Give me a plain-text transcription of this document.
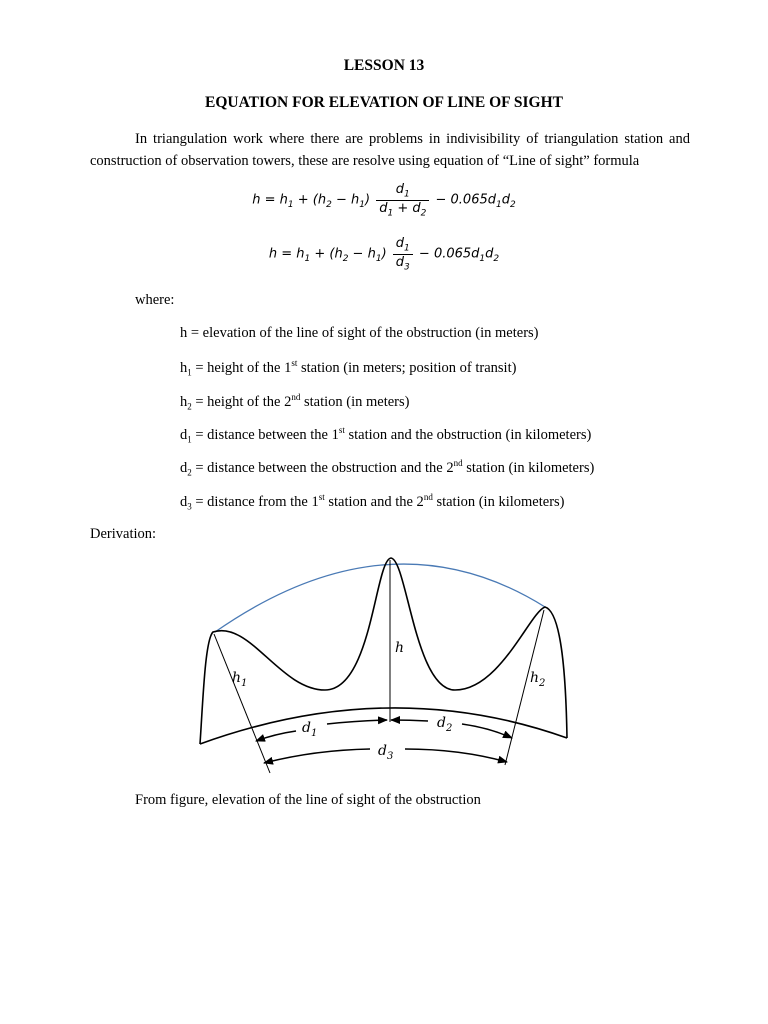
LESSON 13
EQUATION FOR ELEVATION OF LINE OF SIGHT
In triangulation work where there are problems in indivisibility of triangulation station and construction of observation towers, these are resolve using equation of “Line of sight” formula
$h = h_1 + (h_2 - h_1) \frac{d_1}{d_1 + d_2} - 0.065d_1d_2$
$h = h_1 + (h_2 - h_1) \frac{d_1}{d_3} - 0.065d_1d_2$
where:
h = elevation of the line of sight of the obstruction (in meters)
$h_1$ = height of the 1st station (in meters; position of transit)
$h_2$ = height of the 2nd station (in meters)
$d_1$ = distance between the 1st station and the obstruction (in kilometers)
$d_2$ = distance between the obstruction and the 2nd station (in kilometers)
$d_3$ = distance from the 1st station and the 2nd station (in kilometers)
Derivation:
h
$h_1$	$h_2$
$d_1$
$d_2$
$d_3$
From figure, elevation of the line of sight of the obstruction
